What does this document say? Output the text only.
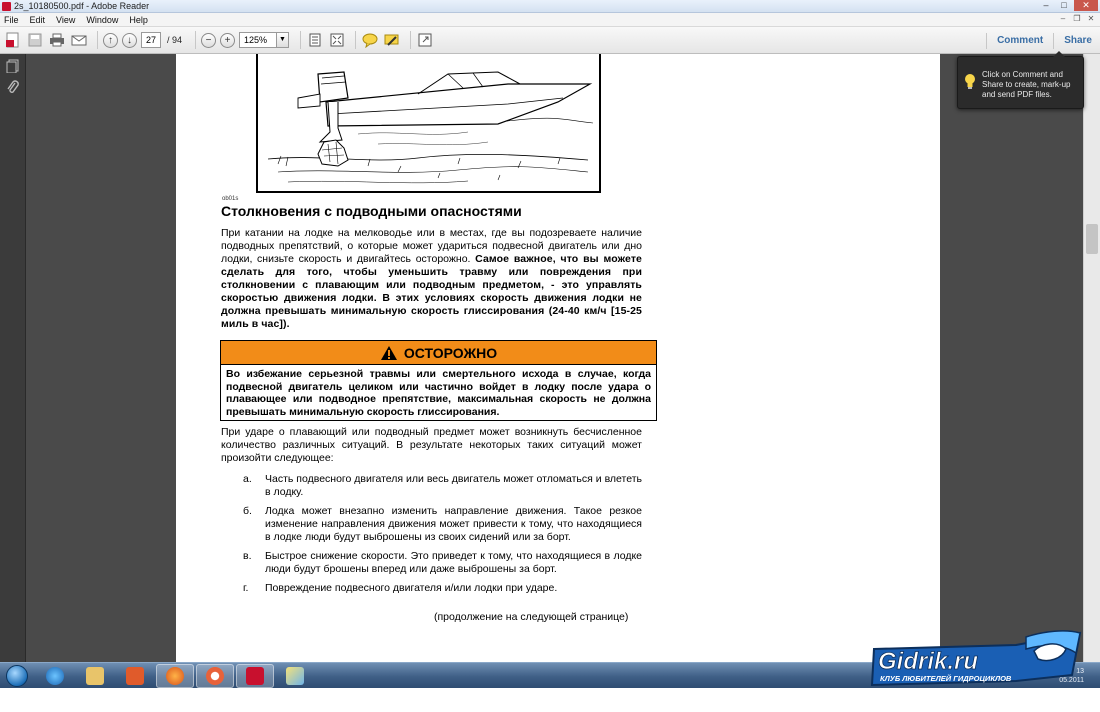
2s_10180500.pdf - Adobe Reader	–	□	✕
File Edit View Window Help	–	❐ ✕
↑	↓	27	/ 94	−	+	125%	▼	Comment Share
ob01s
Столкновения с подводными опасностями
При катании на лодке на мелководье или в местах, где вы подозреваете наличие подводных препятствий, о которые может удариться подвесной двигатель или дно лодки, снизьте скорость и двигайтесь осторожно. Самое важное, что вы можете сделать для того, чтобы уменьшить травму или повреждения при столкновении с плавающим или подводным предметом, - это управлять скоростью движения лодки. В этих условиях скорость движения лодки не должна превышать минимальную скорость глиссирования (24-40 км/ч [15-25 миль в час]).
ОСТОРОЖНО
Во избежание серьезной травмы или смертельного исхода в случае, когда подвесной двигатель целиком или частично войдет в лодку после удара о плавающее или подводное препятствие, максимальная скорость не должна превышать минимальную скорость глиссирования.
При ударе о плавающий или подводный предмет может возникнуть бесчисленное количество различных ситуаций. В результате некоторых таких ситуаций может произойти следующее:
а.	Часть подвесного двигателя или весь двигатель может отломаться и влететь в лодку.
б.	Лодка может внезапно изменить направление движения. Такое резкое изменение направления движения может привести к тому, что находящиеся в лодке люди будут выброшены из своих сидений или за борт.
в.	Быстрое снижение скорости. Это приведет к тому, что находящиеся в лодке люди будут брошены вперед или даже выброшены за борт.
г.	Повреждение подвесного двигателя и/или лодки при ударе.
(продолжение на следующей странице)
Click on Comment and Share to create, mark-up and send PDF files.
13
05.2011
Gidrik.ru
КЛУБ ЛЮБИТЕЛЕЙ ГИДРОЦИКЛОВ
